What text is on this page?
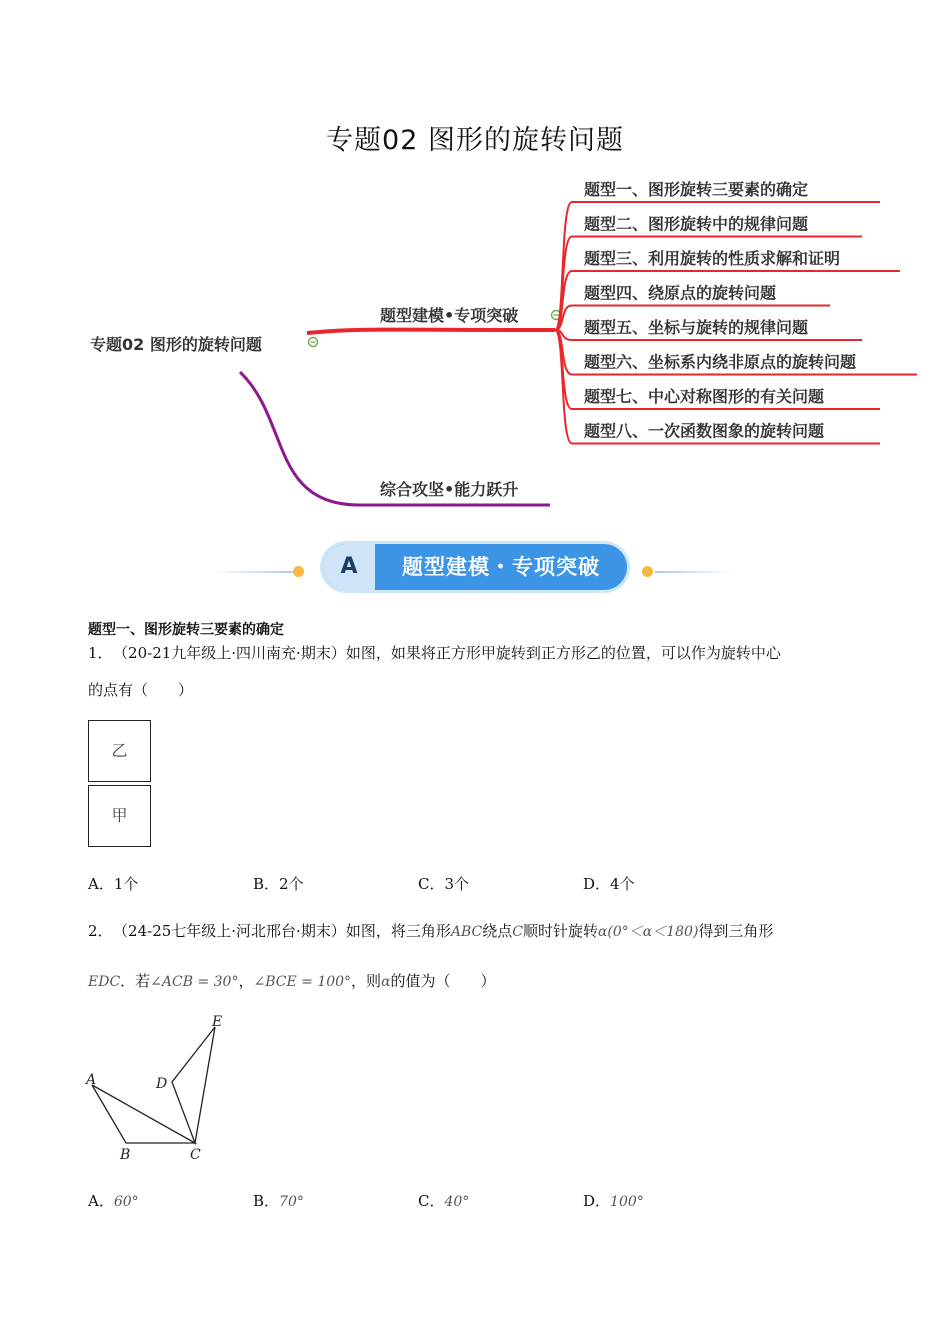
专题02 图形的旋转问题
专题02 图形的旋转问题
题型建模•专项突破
综合攻坚•能力跃升
题型一、图形旋转三要素的确定
题型二、图形旋转中的规律问题
题型三、利用旋转的性质求解和证明
题型四、绕原点的旋转问题
题型五、坐标与旋转的规律问题
题型六、坐标系内绕非原点的旋转问题
题型七、中心对称图形的有关问题
题型八、一次函数图象的旋转问题
A	题型建模・专项突破
题型一、图形旋转三要素的确定
1． （20-21九年级上·四川南充·期末）如图，如果将正方形甲旋转到正方形乙的位置，可以作为旋转中心
的点有（　　）
乙
甲
A．1个	B．2个	C．3个	D．4个
2． （24-25七年级上·河北邢台·期末）如图，将三角形ABC绕点C顺时针旋转α(0°＜α＜180)得到三角形
EDC．若∠ACB = 30°，∠BCE = 100°，则α的值为（　　）
A
B	C
D
E
A．60°	B．70°	C．40°	D．100°
